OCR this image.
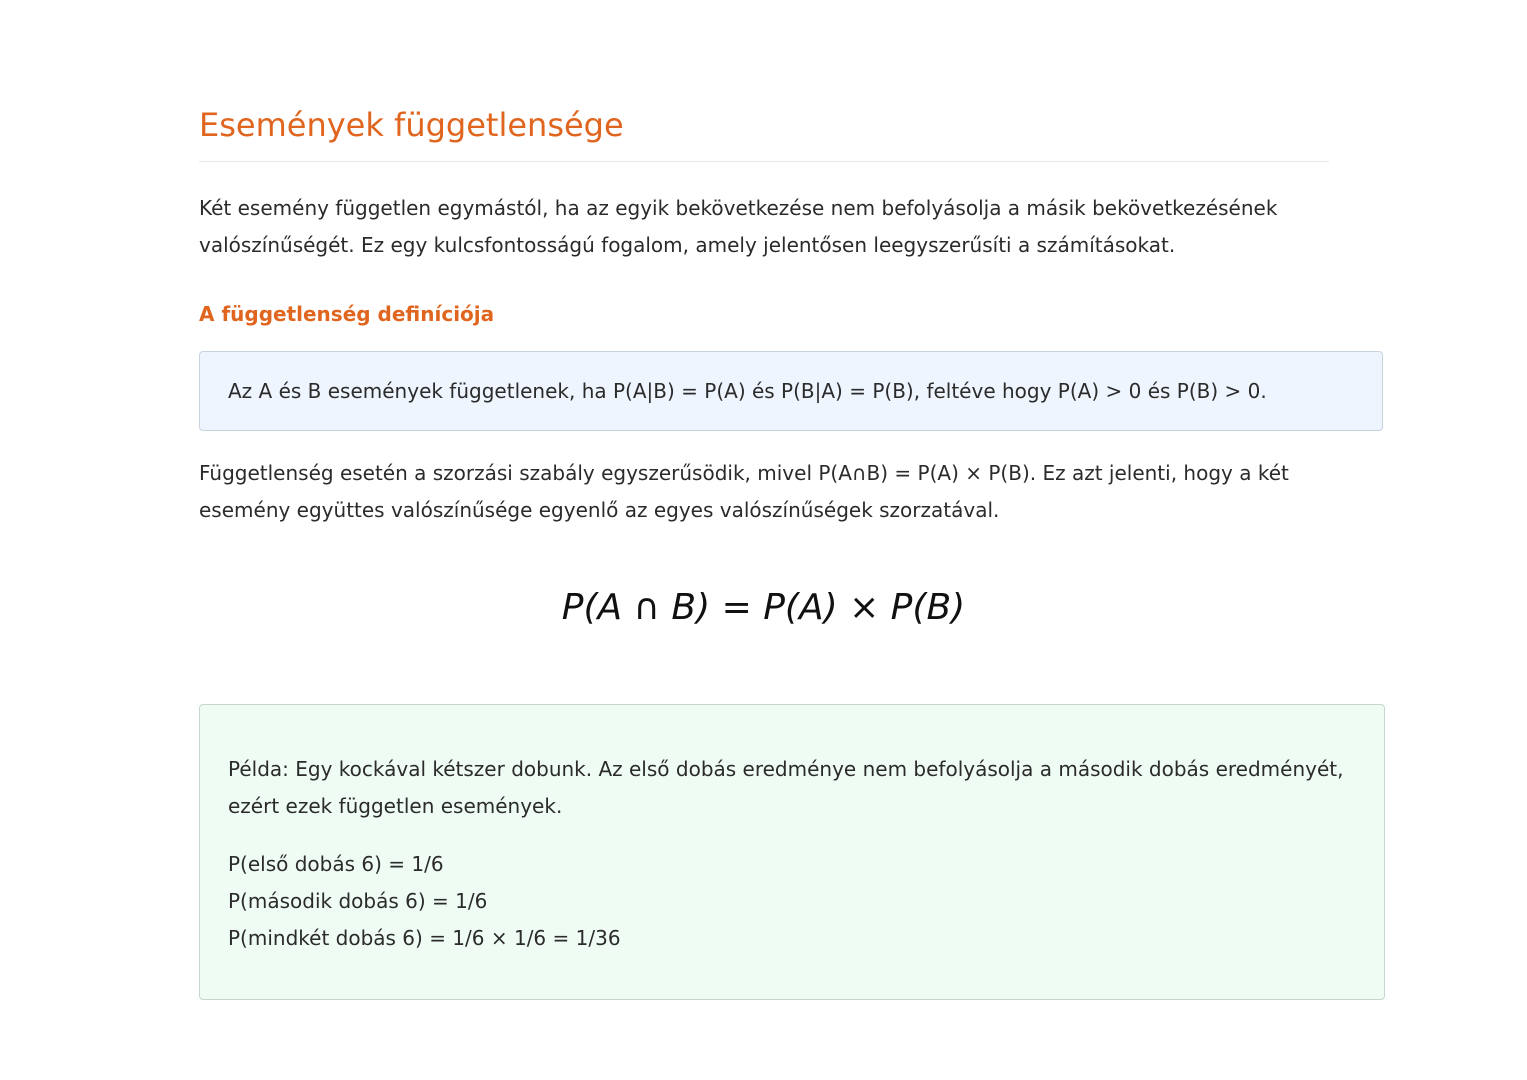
Események függetlensége

Két esemény független egymástól, ha az egyik bekövetkezése nem befolyásolja a másik bekövetkezésének valószínűségét. Ez egy kulcsfontosságú fogalom, amely jelentősen leegyszerűsíti a számításokat.

A függetlenség definíciója
Az A és B események függetlenek, ha P(A|B) = P(A) és P(B|A) = P(B), feltéve hogy P(A) > 0 és P(B) > 0.

Függetlenség esetén a szorzási szabály egyszerűsödik, mivel P(A∩B) = P(A) × P(B). Ez azt jelenti, hogy a két esemény együttes valószínűsége egyenlő az egyes valószínűségek szorzatával.

P(A ∩ B) = P(A) × P(B)

Példa: Egy kockával kétszer dobunk. Az első dobás eredménye nem befolyásolja a második dobás eredményét, ezért ezek független események.

P(első dobás 6) = 1/6
P(második dobás 6) = 1/6
P(mindkét dobás 6) = 1/6 × 1/6 = 1/36
